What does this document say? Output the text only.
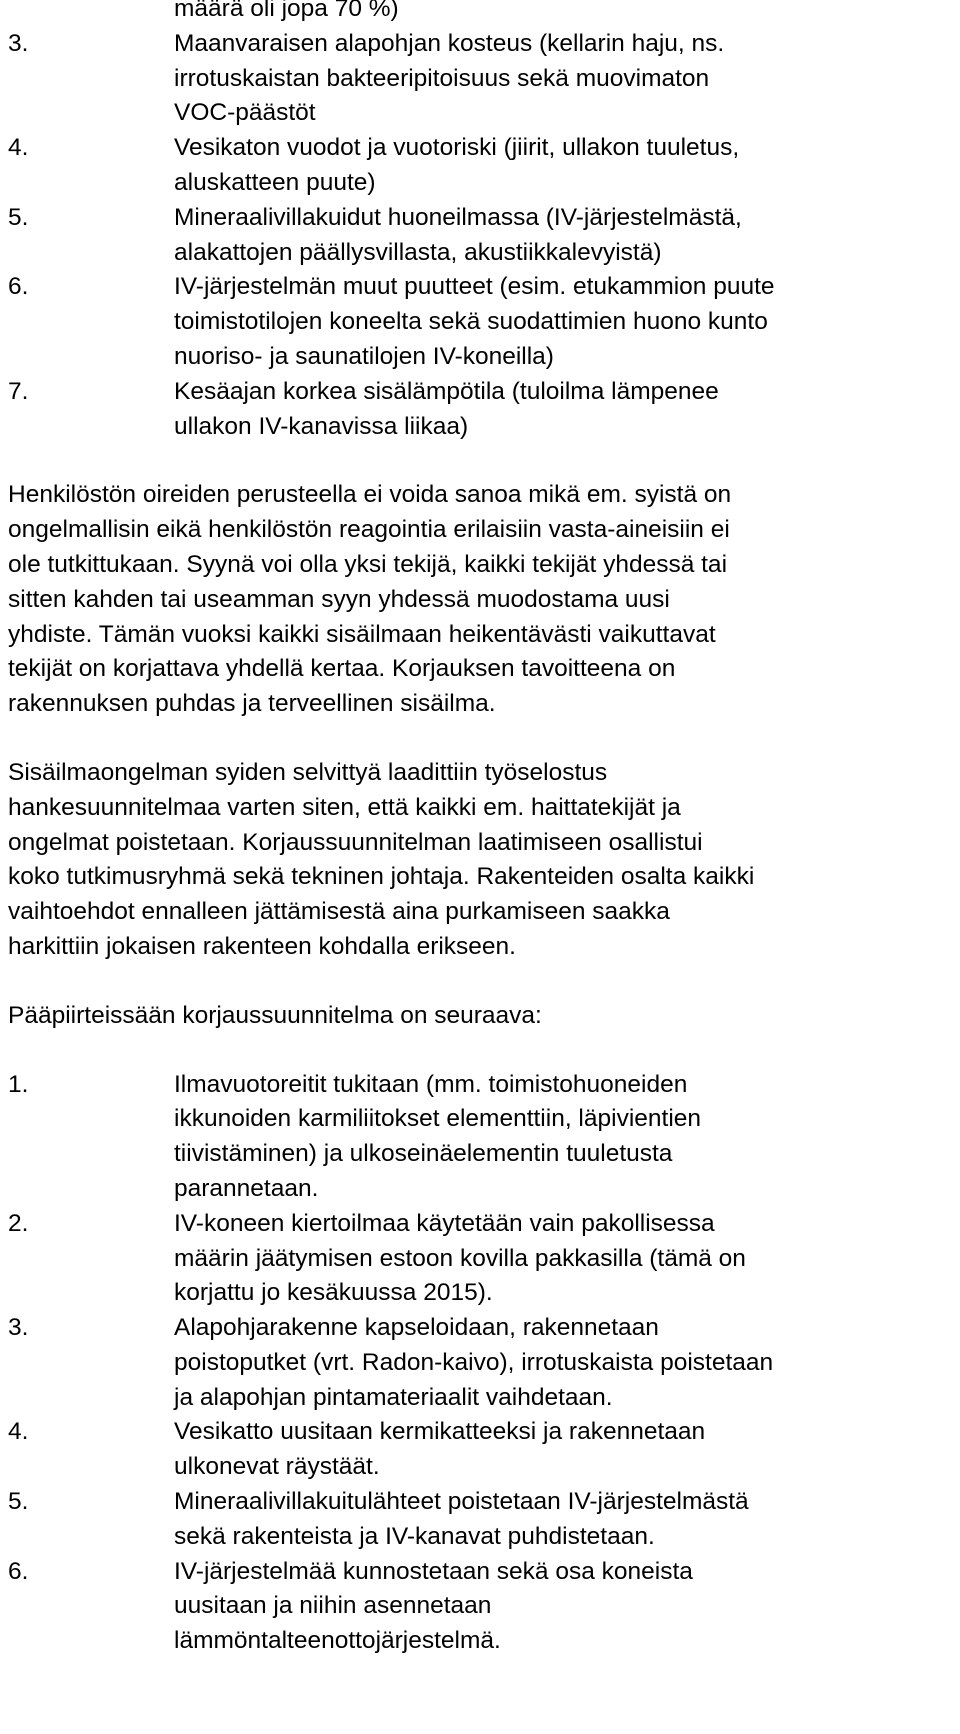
määrä oli jopa 70 %)
3.	Maanvaraisen alapohjan kosteus (kellarin haju, ns.
irrotuskaistan bakteeripitoisuus sekä muovimaton
VOC-päästöt
4.	Vesikaton vuodot ja vuotoriski (jiirit, ullakon tuuletus,
aluskatteen puute)
5.	Mineraalivillakuidut huoneilmassa (IV-järjestelmästä,
alakattojen päällysvillasta, akustiikkalevyistä)
6.	IV-järjestelmän muut puutteet (esim. etukammion puute
toimistotilojen koneelta sekä suodattimien huono kunto
nuoriso- ja saunatilojen IV-koneilla)
7.	Kesäajan korkea sisälämpötila (tuloilma lämpenee
ullakon IV-kanavissa liikaa)

Henkilöstön oireiden perusteella ei voida sanoa mikä em. syistä on
ongelmallisin eikä henkilöstön reagointia erilaisiin vasta-aineisiin ei
ole tutkittukaan. Syynä voi olla yksi tekijä, kaikki tekijät yhdessä tai
sitten kahden tai useamman syyn yhdessä muodostama uusi
yhdiste. Tämän vuoksi kaikki sisäilmaan heikentävästi vaikuttavat
tekijät on korjattava yhdellä kertaa. Korjauksen tavoitteena on
rakennuksen puhdas ja terveellinen sisäilma.

Sisäilmaongelman syiden selvittyä laadittiin työselostus
hankesuunnitelmaa varten siten, että kaikki em. haittatekijät ja
ongelmat poistetaan. Korjaussuunnitelman laatimiseen osallistui
koko tutkimusryhmä sekä tekninen johtaja. Rakenteiden osalta kaikki
vaihtoehdot ennalleen jättämisestä aina purkamiseen saakka
harkittiin jokaisen rakenteen kohdalla erikseen.

Pääpiirteissään korjaussuunnitelma on seuraava:

1.	Ilmavuotoreitit tukitaan (mm. toimistohuoneiden
ikkunoiden karmiliitokset elementtiin, läpivientien
tiivistäminen) ja ulkoseinäelementin tuuletusta
parannetaan.
2.	IV-koneen kiertoilmaa käytetään vain pakollisessa
määrin jäätymisen estoon kovilla pakkasilla (tämä on
korjattu jo kesäkuussa 2015).
3.	Alapohjarakenne kapseloidaan, rakennetaan
poistoputket (vrt. Radon-kaivo), irrotuskaista poistetaan
ja alapohjan pintamateriaalit vaihdetaan.
4.	Vesikatto uusitaan kermikatteeksi ja rakennetaan
ulkonevat räystäät.
5.	Mineraalivillakuitulähteet poistetaan IV-järjestelmästä
sekä rakenteista ja IV-kanavat puhdistetaan.
6.	IV-järjestelmää kunnostetaan sekä osa koneista
uusitaan ja niihin asennetaan
lämmöntalteenottojärjestelmä.
